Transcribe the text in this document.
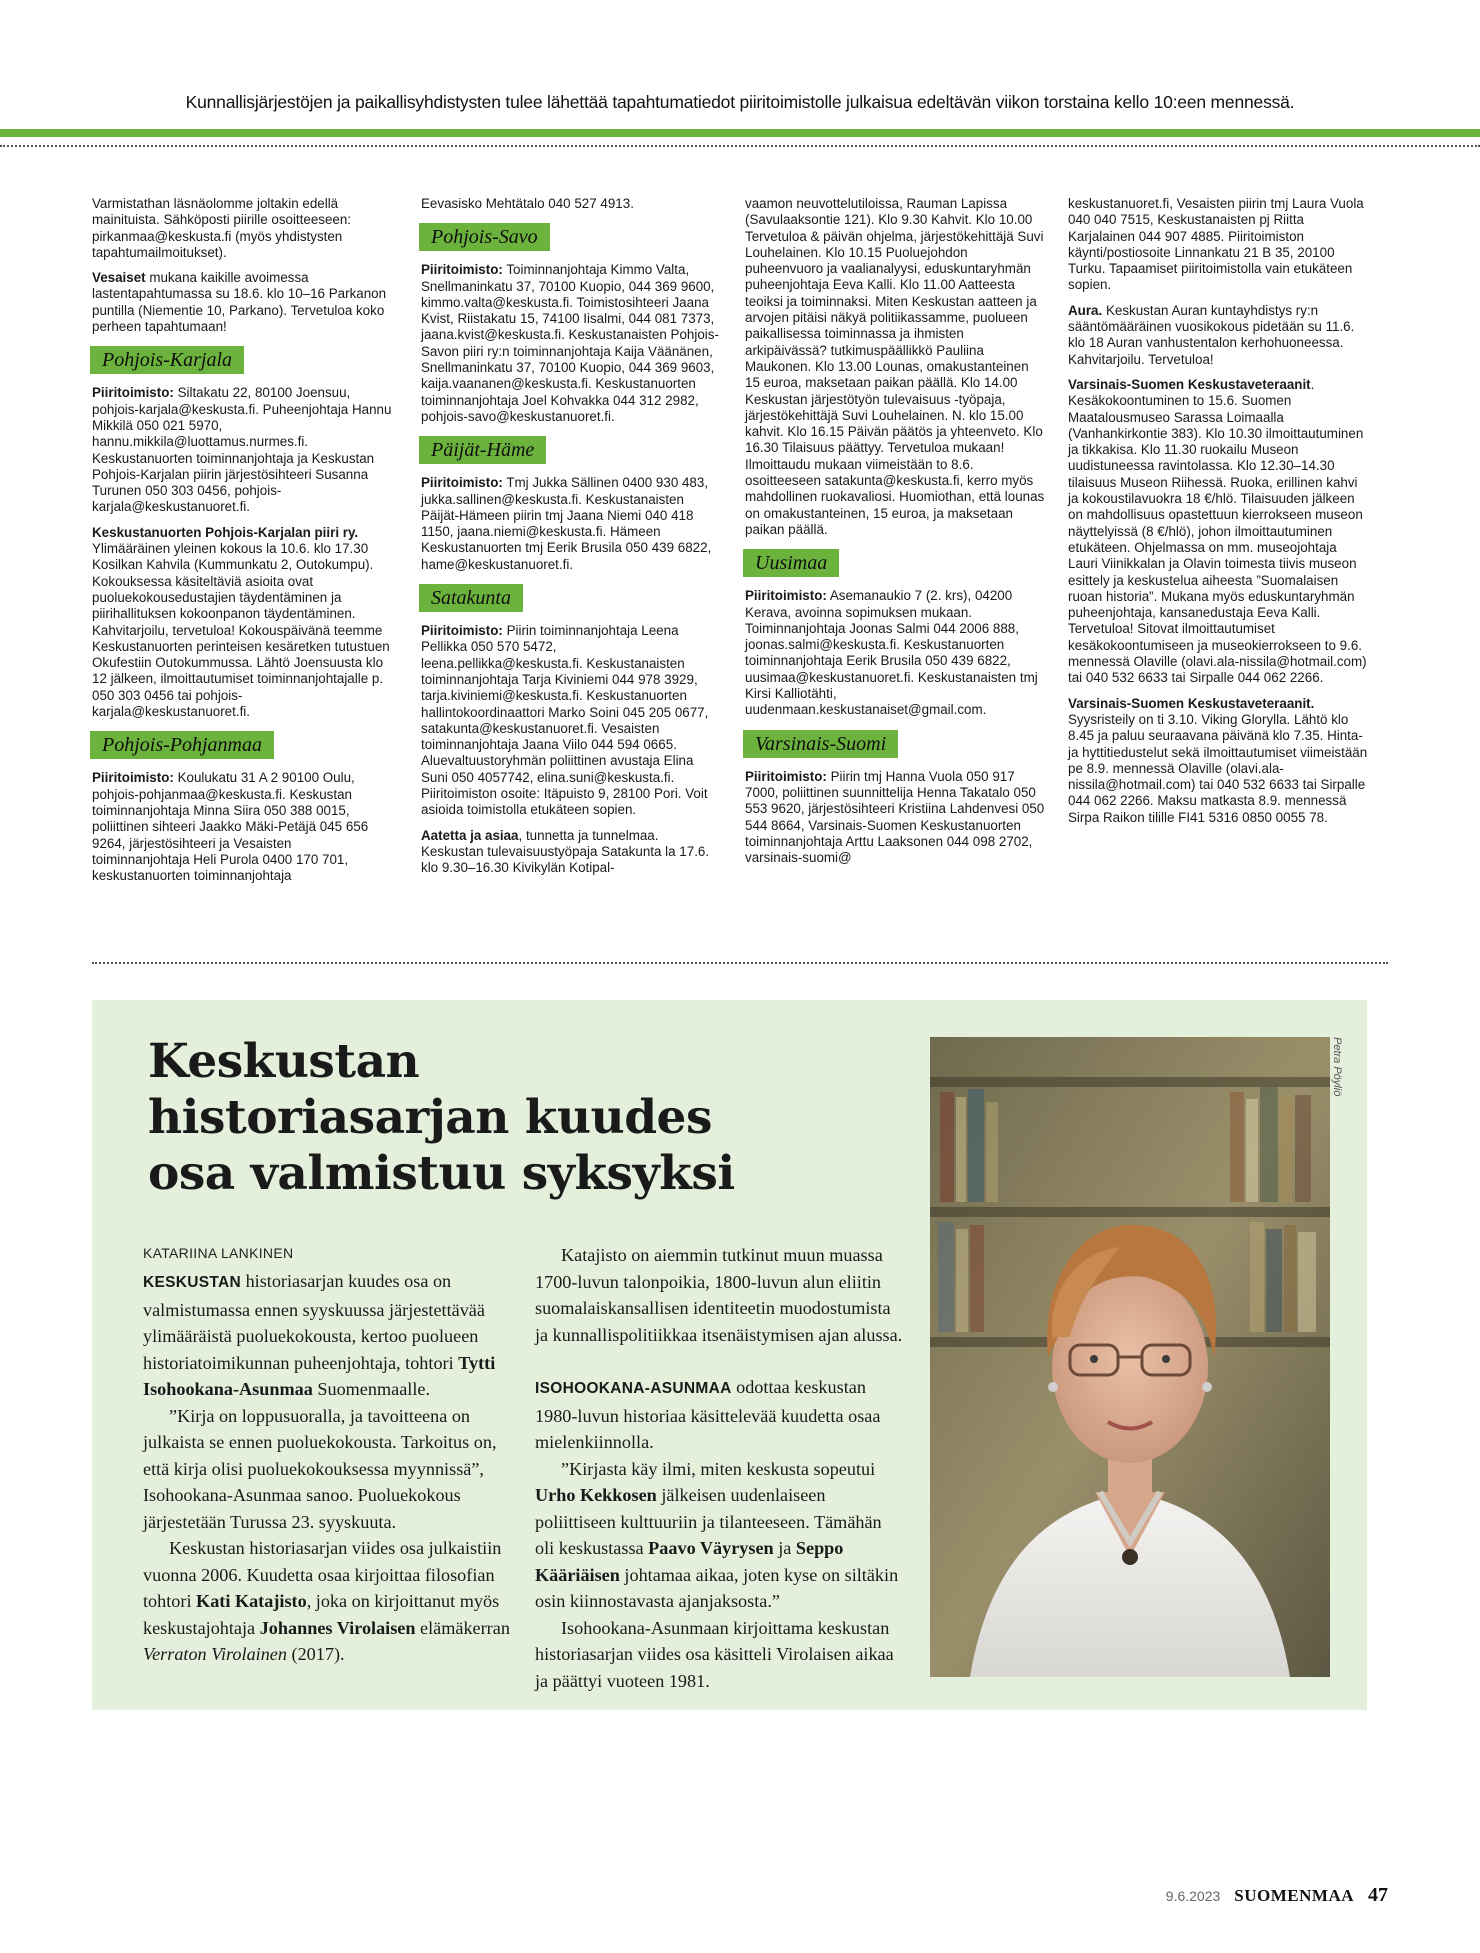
Kunnallisjärjestöjen ja paikallisyhdistysten tulee lähettää tapahtumatiedot piiritoimistolle julkaisua edeltävän viikon torstaina kello 10:een mennessä.

Varmistathan läsnäolomme joltakin edellä mainituista. Sähköposti piirille osoitteeseen: pirkanmaa@keskusta.fi (myös yhdistysten tapahtumailmoitukset).

Vesaiset mukana kaikille avoimessa lastentapahtumassa su 18.6. klo 10–16 Parkanon puntilla (Niementie 10, Parkano). Tervetuloa koko perheen tapahtumaan!

Pohjois-Karjala

Piiritoimisto: Siltakatu 22, 80100 Joensuu, pohjois-karjala@keskusta.fi. Puheenjohtaja Hannu Mikkilä 050 021 5970, hannu.mikkila@luottamus.nurmes.fi. Keskustanuorten toiminnanjohtaja ja Keskustan Pohjois-Karjalan piirin järjestösihteeri Susanna Turunen 050 303 0456, pohjois-karjala@keskustanuoret.fi.

Keskustanuorten Pohjois-Karjalan piiri ry. Ylimääräinen yleinen kokous la 10.6. klo 17.30 Kosilkan Kahvila (Kummunkatu 2, Outokumpu). Kokouksessa käsiteltäviä asioita ovat puoluekokousedustajien täydentäminen ja piirihallituksen kokoonpanon täydentäminen. Kahvitarjoilu, tervetuloa! Kokouspäivänä teemme Keskustanuorten perinteisen kesäretken tutustuen Okufestiin Outokummussa. Lähtö Joensuusta klo 12 jälkeen, ilmoittautumiset toiminnanjohtajalle p. 050 303 0456 tai pohjois-karjala@keskustanuoret.fi.

Pohjois-Pohjanmaa

Piiritoimisto: Koulukatu 31 A 2 90100 Oulu, pohjois-pohjanmaa@keskusta.fi. Keskustan toiminnanjohtaja Minna Siira 050 388 0015, poliittinen sihteeri Jaakko Mäki-Petäjä 045 656 9264, järjestösihteeri ja Vesaisten toiminnanjohtaja Heli Purola 0400 170 701, keskustanuorten toiminnanjohtaja

Eevasisko Mehtätalo 040 527 4913.

Pohjois-Savo

Piiritoimisto: Toiminnanjohtaja Kimmo Valta, Snellmaninkatu 37, 70100 Kuopio, 044 369 9600, kimmo.valta@keskusta.fi. Toimistosihteeri Jaana Kvist, Riistakatu 15, 74100 Iisalmi, 044 081 7373, jaana.kvist@keskusta.fi. Keskustanaisten Pohjois-Savon piiri ry:n toiminnanjohtaja Kaija Väänänen, Snellmaninkatu 37, 70100 Kuopio, 044 369 9603, kaija.vaananen@keskusta.fi. Keskustanuorten toiminnanjohtaja Joel Kohvakka 044 312 2982, pohjois-savo@keskustanuoret.fi.

Päijät-Häme

Piiritoimisto: Tmj Jukka Sällinen 0400 930 483, jukka.sallinen@keskusta.fi. Keskustanaisten Päijät-Hämeen piirin tmj Jaana Niemi 040 418 1150, jaana.niemi@keskusta.fi. Hämeen Keskustanuorten tmj Eerik Brusila 050 439 6822, hame@keskustanuoret.fi.

Satakunta

Piiritoimisto: Piirin toiminnanjohtaja Leena Pellikka 050 570 5472, leena.pellikka@keskusta.fi. Keskustanaisten toiminnanjohtaja Tarja Kiviniemi 044 978 3929, tarja.kiviniemi@keskusta.fi. Keskustanuorten hallintokoordinaattori Marko Soini 045 205 0677, satakunta@keskustanuoret.fi. Vesaisten toiminnanjohtaja Jaana Viilo 044 594 0665. Aluevaltuustoryhmän poliittinen avustaja Elina Suni 050 4057742, elina.suni@keskusta.fi. Piiritoimiston osoite: Itäpuisto 9, 28100 Pori. Voit asioida toimistolla etukäteen sopien.

Aatetta ja asiaa, tunnetta ja tunnelmaa. Keskustan tulevaisuustyöpaja Satakunta la 17.6. klo 9.30–16.30 Kivikylän Kotipal-

vaamon neuvottelutiloissa, Rauman Lapissa (Savulaaksontie 121). Klo 9.30 Kahvit. Klo 10.00 Tervetuloa & päivän ohjelma, järjestökehittäjä Suvi Louhelainen. Klo 10.15 Puoluejohdon puheenvuoro ja vaalianalyysi, eduskuntaryhmän puheenjohtaja Eeva Kalli. Klo 11.00 Aatteesta teoiksi ja toiminnaksi. Miten Keskustan aatteen ja arvojen pitäisi näkyä politiikassamme, puolueen paikallisessa toiminnassa ja ihmisten arkipäivässä? tutkimuspäällikkö Pauliina Maukonen. Klo 13.00 Lounas, omakustanteinen 15 euroa, maksetaan paikan päällä. Klo 14.00 Keskustan järjestötyön tulevaisuus -työpaja, järjestökehittäjä Suvi Louhelainen. N. klo 15.00 kahvit. Klo 16.15 Päivän päätös ja yhteenveto. Klo 16.30 Tilaisuus päättyy. Tervetuloa mukaan! Ilmoittaudu mukaan viimeistään to 8.6. osoitteeseen satakunta@keskusta.fi, kerro myös mahdollinen ruokavaliosi. Huomiothan, että lounas on omakustanteinen, 15 euroa, ja maksetaan paikan päällä.

Uusimaa

Piiritoimisto: Asemanaukio 7 (2. krs), 04200 Kerava, avoinna sopimuksen mukaan. Toiminnanjohtaja Joonas Salmi 044 2006 888, joonas.salmi@keskusta.fi. Keskustanuorten toiminnanjohtaja Eerik Brusila 050 439 6822, uusimaa@keskustanuoret.fi. Keskustanaisten tmj Kirsi Kalliotähti, uudenmaan.keskustanaiset@gmail.com.

Varsinais-Suomi

Piiritoimisto: Piirin tmj Hanna Vuola 050 917 7000, poliittinen suunnittelija Henna Takatalo 050 553 9620, järjestösihteeri Kristiina Lahdenvesi 050 544 8664, Varsinais-Suomen Keskustanuorten toiminnanjohtaja Arttu Laaksonen 044 098 2702, varsinais-suomi@

keskustanuoret.fi, Vesaisten piirin tmj Laura Vuola 040 040 7515, Keskustanaisten pj Riitta Karjalainen 044 907 4885. Piiritoimiston käynti/postiosoite Linnankatu 21 B 35, 20100 Turku. Tapaamiset piiritoimistolla vain etukäteen sopien.

Aura. Keskustan Auran kuntayhdistys ry:n sääntömääräinen vuosikokous pidetään su 11.6. klo 18 Auran vanhustentalon kerhohuoneessa. Kahvitarjoilu. Tervetuloa!

Varsinais-Suomen Keskustaveteraanit. Kesäkokoontuminen to 15.6. Suomen Maatalousmuseo Sarassa Loimaalla (Vanhankirkontie 383). Klo 10.30 ilmoittautuminen ja tikkakisa. Klo 11.30 ruokailu Museon uudistuneessa ravintolassa. Klo 12.30–14.30 tilaisuus Museon Riihessä. Ruoka, erillinen kahvi ja kokoustilavuokra 18 €/hlö. Tilaisuuden jälkeen on mahdollisuus opastettuun kierrokseen museon näyttelyissä (8 €/hlö), johon ilmoittautuminen etukäteen. Ohjelmassa on mm. museojohtaja Lauri Viinikkalan ja Olavin toimesta tiivis museon esittely ja keskustelua aiheesta ”Suomalaisen ruoan historia”. Mukana myös eduskuntaryhmän puheenjohtaja, kansanedustaja Eeva Kalli. Tervetuloa! Sitovat ilmoittautumiset kesäkokoontumiseen ja museokierrokseen to 9.6. mennessä Olaville (olavi.ala-nissila@hotmail.com) tai 040 532 6633 tai Sirpalle 044 062 2266.

Varsinais-Suomen Keskustaveteraanit. Syysristeily on ti 3.10. Viking Glorylla. Lähtö klo 8.45 ja paluu seuraavana päivänä klo 7.35. Hinta- ja hyttitiedustelut sekä ilmoittautumiset viimeistään pe 8.9. mennessä Olaville (olavi.ala-nissila@hotmail.com) tai 040 532 6633 tai Sirpalle 044 062 2266. Maksu matkasta 8.9. mennessä Sirpa Raikon tilille FI41 5316 0850 0055 78.

Keskustan historiasarjan kuudes osa valmistuu syksyksi
KATARIINA LANKINEN

KESKUSTAN historiasarjan kuudes osa on valmistumassa ennen syyskuussa järjestettävää ylimääräistä puoluekokousta, kertoo puolueen historiatoimikunnan puheenjohtaja, tohtori Tytti Isohookana-Asunmaa Suomenmaalle.

”Kirja on loppusuoralla, ja tavoitteena on julkaista se ennen puoluekokousta. Tarkoitus on, että kirja olisi puoluekokouksessa myynnissä”, Isohookana-Asunmaa sanoo. Puoluekokous järjestetään Turussa 23. syyskuuta.

Keskustan historiasarjan viides osa julkaistiin vuonna 2006. Kuudetta osaa kirjoittaa filosofian tohtori Kati Katajisto, joka on kirjoittanut myös keskustajohtaja Johannes Virolaisen elämäkerran Verraton Virolainen (2017).

Katajisto on aiemmin tutkinut muun muassa 1700-luvun talonpoikia, 1800-luvun alun eliitin suomalaiskansallisen identiteetin muodostumista ja kunnallispolitiikkaa itsenäistymisen ajan alussa.

ISOHOOKANA-ASUNMAA odottaa keskustan 1980-luvun historiaa käsittelevää kuudetta osaa mielenkiinnolla.

”Kirjasta käy ilmi, miten keskusta sopeutui Urho Kekkosen jälkeisen uudenlaiseen poliittiseen kulttuuriin ja tilanteeseen. Tämähän oli keskustassa Paavo Väyrysen ja Seppo Kääriäisen johtamaa aikaa, joten kyse on siltäkin osin kiinnostavasta ajanjaksosta.”

Isohookana-Asunmaan kirjoittama keskustan historiasarjan viides osa käsitteli Virolaisen aikaa ja päättyi vuoteen 1981.

Petra Pöyliö
9.6.2023 SUOMENMAA 47
